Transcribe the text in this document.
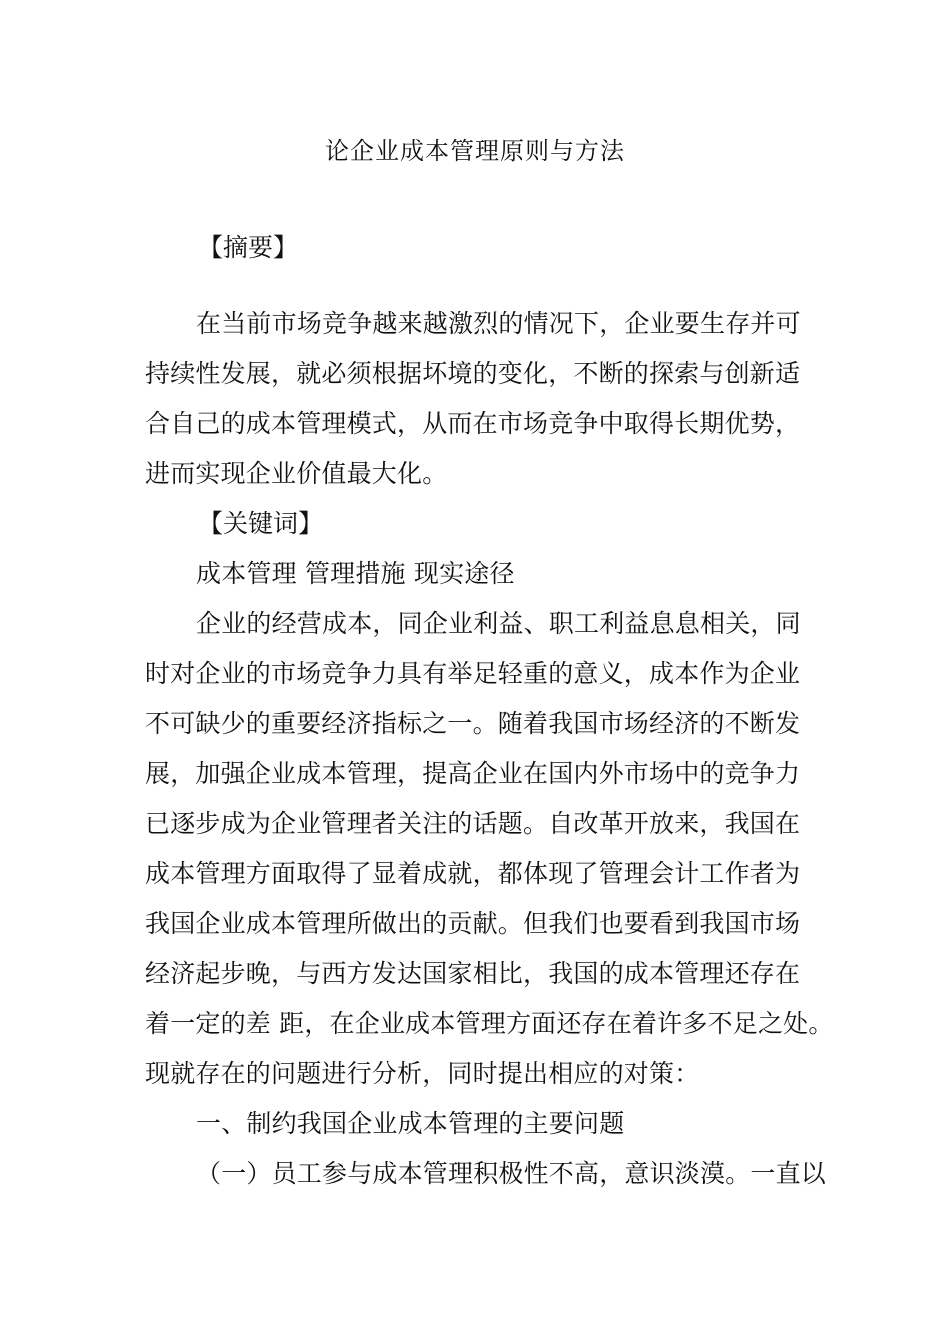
论企业成本管理原则与方法
【摘要】
在当前市场竞争越来越激烈的情况下，企业要生存并可
持续性发展，就必须根据坏境的变化，不断的探索与创新适
合自己的成本管理模式，从而在市场竞争中取得长期优势，
进而实现企业价值最大化。
【关键词】
成本管理 管理措施 现实途径
企业的经营成本，同企业利益、职工利益息息相关，同
时对企业的市场竞争力具有举足轻重的意义，成本作为企业
不可缺少的重要经济指标之一。随着我国市场经济的不断发
展，加强企业成本管理，提高企业在国内外市场中的竞争力
已逐步成为企业管理者关注的话题。自改革开放来，我国在
成本管理方面取得了显着成就，都体现了管理会计工作者为
我国企业成本管理所做出的贡献。但我们也要看到我国市场
经济起步晚，与西方发达国家相比，我国的成本管理还存在
着一定的差 距，在企业成本管理方面还存在着许多不足之处。
现就存在的问题进行分析，同时提出相应的对策：
一、制约我国企业成本管理的主要问题
（一）员工参与成本管理积极性不高，意识淡漠。一直以
